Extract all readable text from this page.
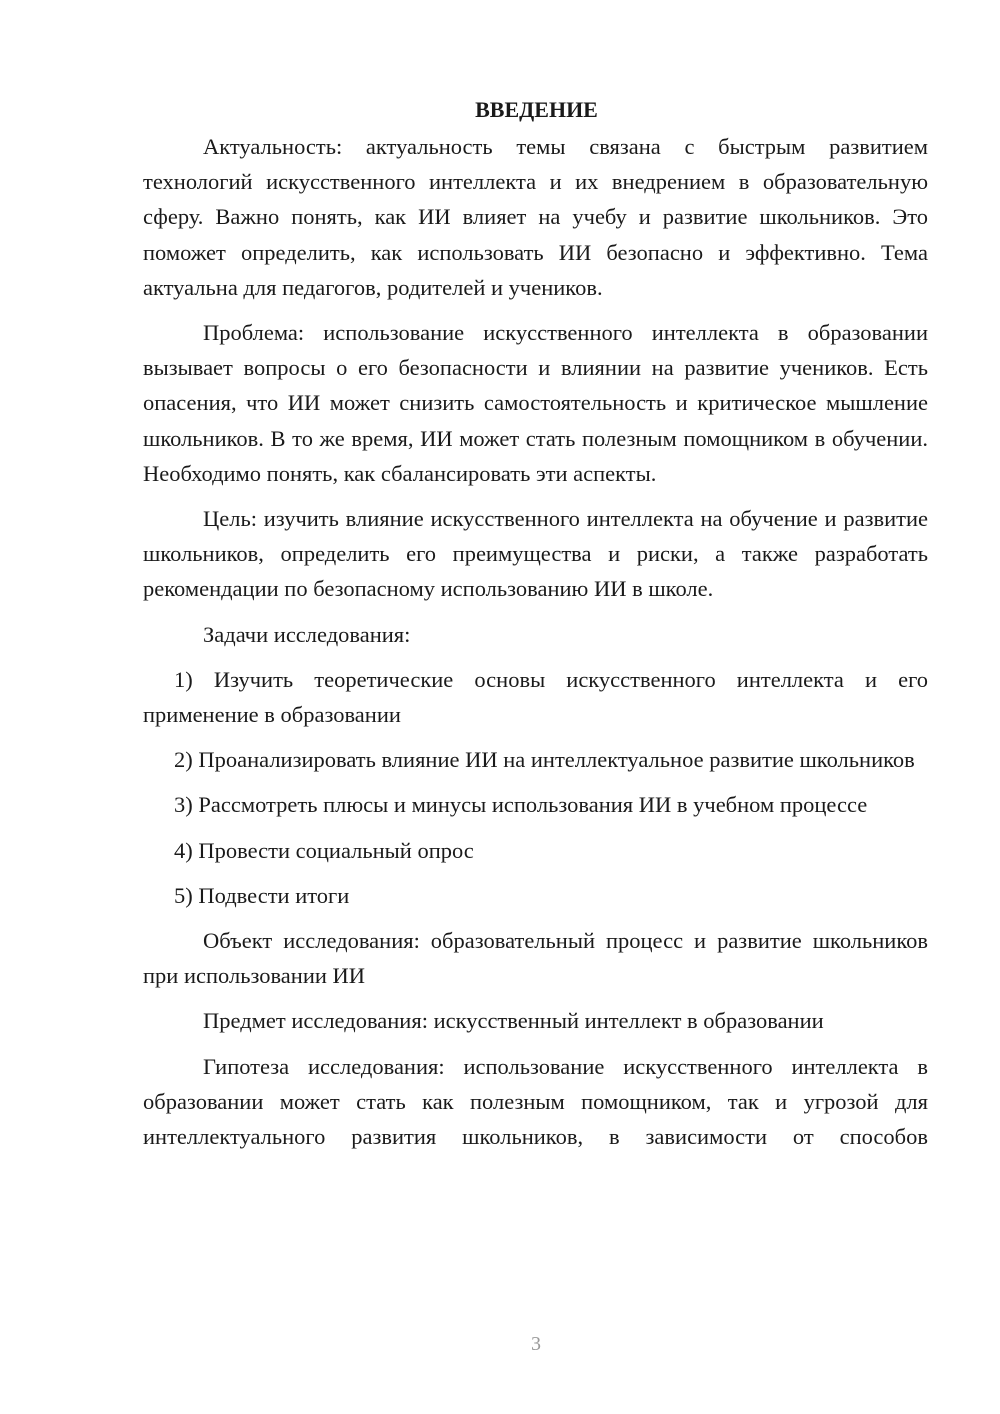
ВВЕДЕНИЕ

Актуальность: актуальность темы связана с быстрым развитием технологий искусственного интеллекта и их внедрением в образовательную сферу. Важно понять, как ИИ влияет на учебу и развитие школьников. Это поможет определить, как использовать ИИ безопасно и эффективно. Тема актуальна для педагогов, родителей и учеников.

Проблема: использование искусственного интеллекта в образовании вызывает вопросы о его безопасности и влиянии на развитие учеников. Есть опасения, что ИИ может снизить самостоятельность и критическое мышление школьников. В то же время, ИИ может стать полезным помощником в обучении. Необходимо понять, как сбалансировать эти аспекты.

Цель: изучить влияние искусственного интеллекта на обучение и развитие школьников, определить его преимущества и риски, а также разработать рекомендации по безопасному использованию ИИ в школе.

Задачи исследования:

1) Изучить теоретические основы искусственного интеллекта и его применение в образовании

2) Проанализировать влияние ИИ на интеллектуальное развитие школьников

3) Рассмотреть плюсы и минусы использования ИИ в учебном процессе

4) Провести социальный опрос

5) Подвести итоги

Объект исследования: образовательный процесс и развитие школьников при использовании ИИ

Предмет исследования: искусственный интеллект в образовании

Гипотеза исследования: использование искусственного интеллекта в образовании может стать как полезным помощником, так и угрозой для интеллектуального развития школьников, в зависимости от способов

3
